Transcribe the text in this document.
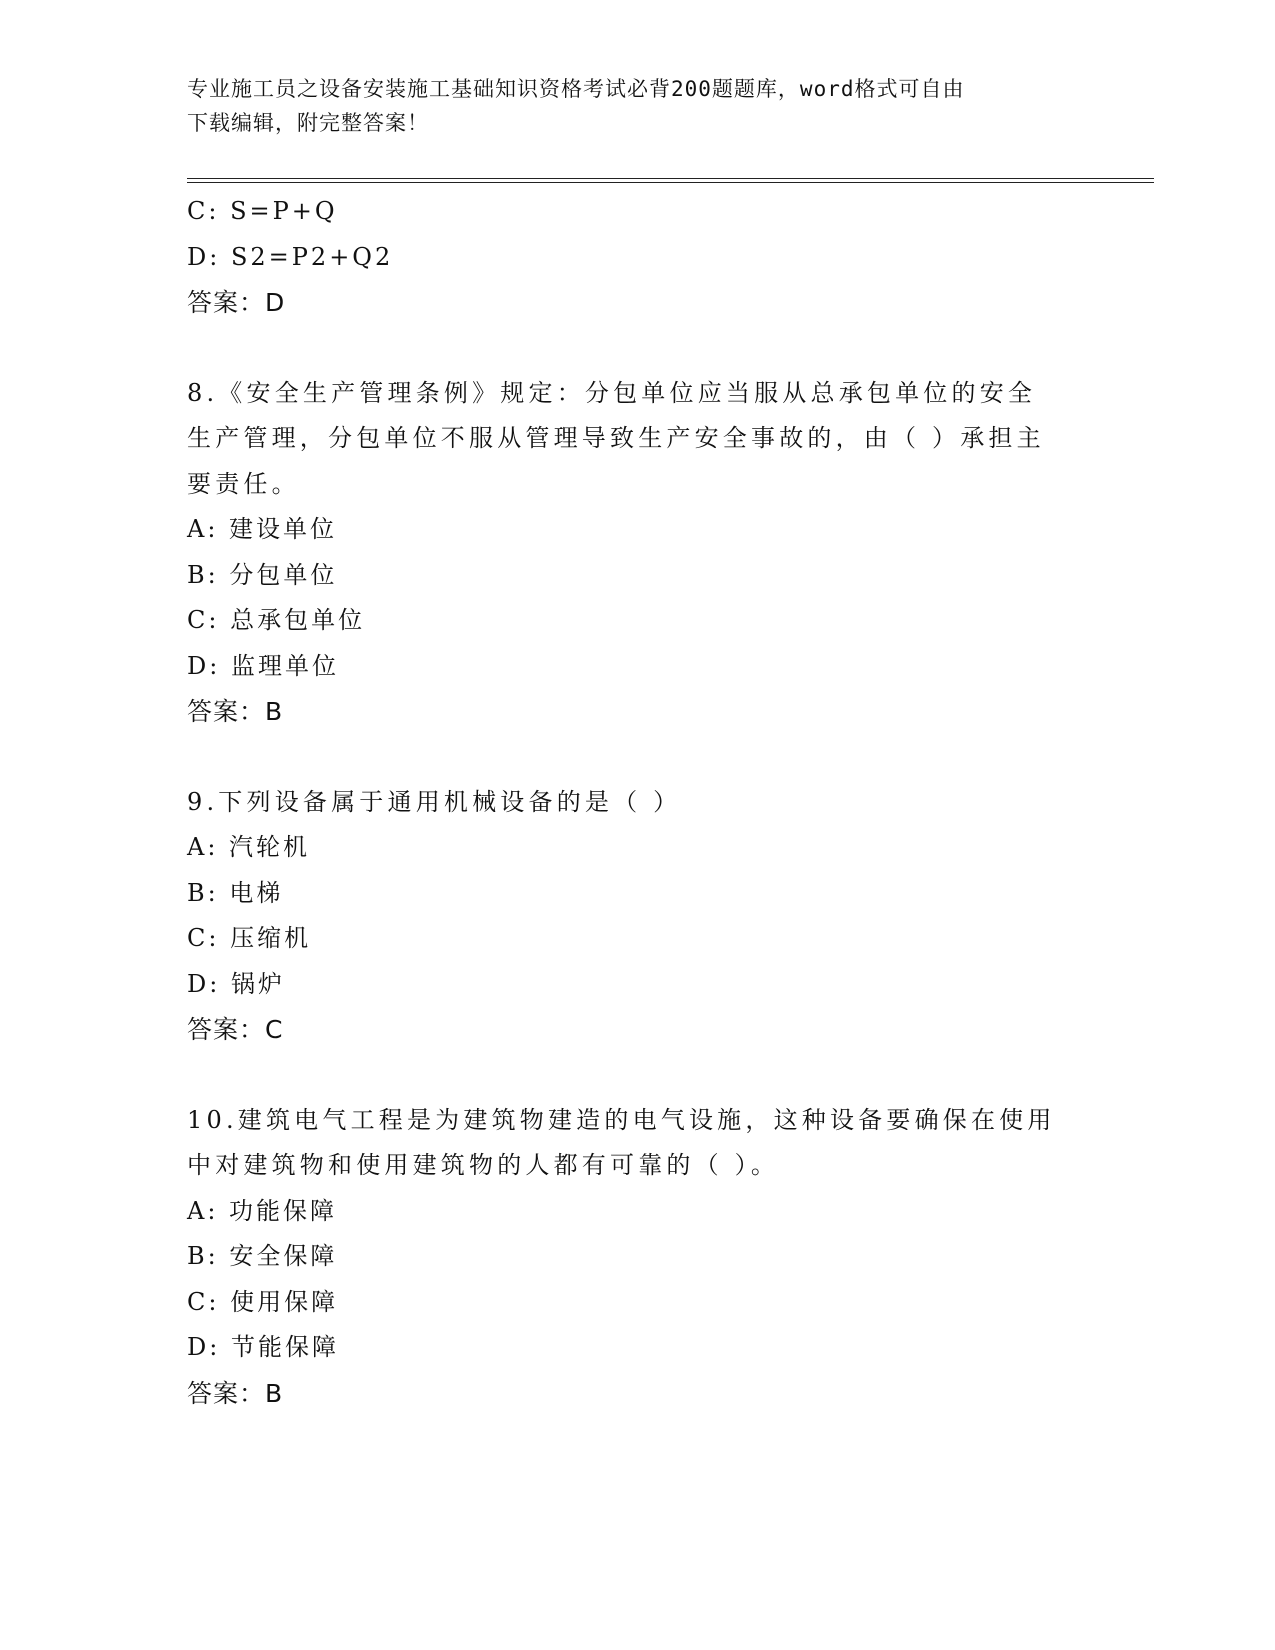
专业施工员之设备安装施工基础知识资格考试必背200题题库，word格式可自由
下载编辑，附完整答案！
C: S=P+Q
D: S2=P2+Q2
答案：D
8.《安全生产管理条例》规定：分包单位应当服从总承包单位的安全
生产管理，分包单位不服从管理导致生产安全事故的，由（ ）承担主
要责任。
A: 建设单位
B: 分包单位
C: 总承包单位
D: 监理单位
答案：B
9.下列设备属于通用机械设备的是（ ）
A: 汽轮机
B: 电梯
C: 压缩机
D: 锅炉
答案：C
10.建筑电气工程是为建筑物建造的电气设施，这种设备要确保在使用
中对建筑物和使用建筑物的人都有可靠的（ ）。
A: 功能保障
B: 安全保障
C: 使用保障
D: 节能保障
答案：B
